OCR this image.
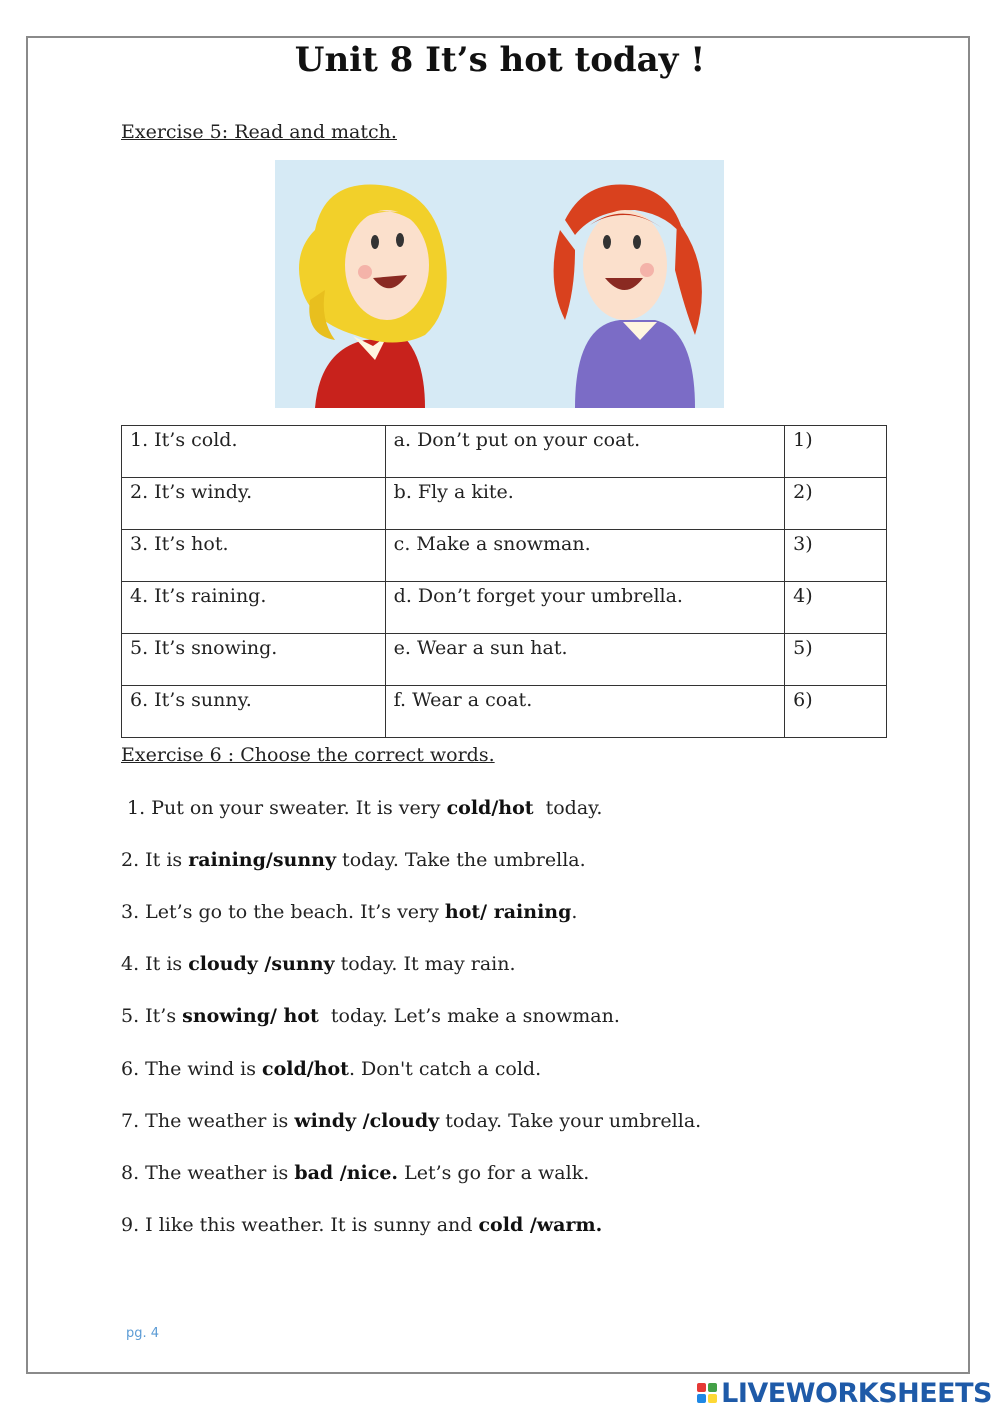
Unit 8 It’s hot today !
Exercise 5: Read and match.
1. It’s cold.	a. Don’t put on your coat.	1)
2. It’s windy.	b. Fly a kite.	2)
3. It’s hot.	c. Make a snowman.	3)
4. It’s raining.	d. Don’t forget your umbrella.	4)
5. It’s snowing.	e. Wear a sun hat.	5)
6. It’s sunny.	f. Wear a coat.	6)
Exercise 6 : Choose the correct words.
1. Put on your sweater. It is very cold/hot  today.
2. It is raining/sunny today. Take the umbrella.
3. Let’s go to the beach. It’s very hot/ raining.
4. It is cloudy /sunny today. It may rain.
5. It’s snowing/ hot  today. Let’s make a snowman.
6. The wind is cold/hot. Don't catch a cold.
7. The weather is windy /cloudy today. Take your umbrella.
8. The weather is bad /nice. Let’s go for a walk.
9. I like this weather. It is sunny and cold /warm.
pg. 4
LIVEWORKSHEETS
